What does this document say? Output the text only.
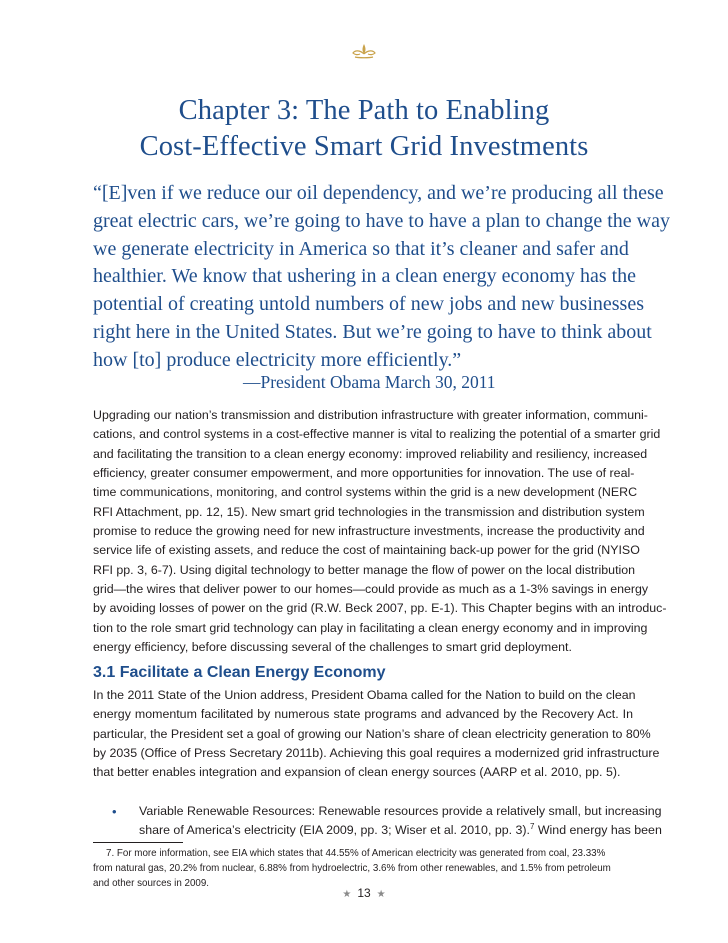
Chapter 3: The Path to Enabling
Cost-Effective Smart Grid Investments
“[E]ven if we reduce our oil dependency, and we’re producing all these
great electric cars, we’re going to have to have a plan to change the way
we generate electricity in America so that it’s cleaner and safer and
healthier. We know that ushering in a clean energy economy has the
potential of creating untold numbers of new jobs and new businesses
right here in the United States. But we’re going to have to think about
how [to] produce electricity more efficiently.”
—President Obama March 30, 2011
Upgrading our nation’s transmission and distribution infrastructure with greater information, communi-
cations, and control systems in a cost-effective manner is vital to realizing the potential of a smarter grid
and facilitating the transition to a clean energy economy: improved reliability and resiliency, increased
efficiency, greater consumer empowerment, and more opportunities for innovation. The use of real-
time communications, monitoring, and control systems within the grid is a new development (NERC
RFI Attachment, pp. 12, 15). New smart grid technologies in the transmission and distribution system
promise to reduce the growing need for new infrastructure investments, increase the productivity and
service life of existing assets, and reduce the cost of maintaining back-up power for the grid (NYISO
RFI pp. 3, 6-7). Using digital technology to better manage the flow of power on the local distribution
grid—the wires that deliver power to our homes—could provide as much as a 1-3% savings in energy
by avoiding losses of power on the grid (R.W. Beck 2007, pp. E-1). This Chapter begins with an introduc-
tion to the role smart grid technology can play in facilitating a clean energy economy and in improving
energy efficiency, before discussing several of the challenges to smart grid deployment.
3.1 Facilitate a Clean Energy Economy
In the 2011 State of the Union address, President Obama called for the Nation to build on the clean
energy momentum facilitated by numerous state programs and advanced by the Recovery Act. In
particular, the President set a goal of growing our Nation’s share of clean electricity generation to 80%
by 2035 (Office of Press Secretary 2011b). Achieving this goal requires a modernized grid infrastructure
that better enables integration and expansion of clean energy sources (AARP et al. 2010, pp. 5).
• Variable Renewable Resources: Renewable resources provide a relatively small, but increasing
share of America’s electricity (EIA 2009, pp. 3; Wiser et al. 2010, pp. 3).$^7$ Wind energy has been
7. For more information, see EIA which states that 44.55% of American electricity was generated from coal, 23.33%
from natural gas, 20.2% from nuclear, 6.88% from hydroelectric, 3.6% from other renewables, and 1.5% from petroleum
and other sources in 2009.
★ 13 ★
